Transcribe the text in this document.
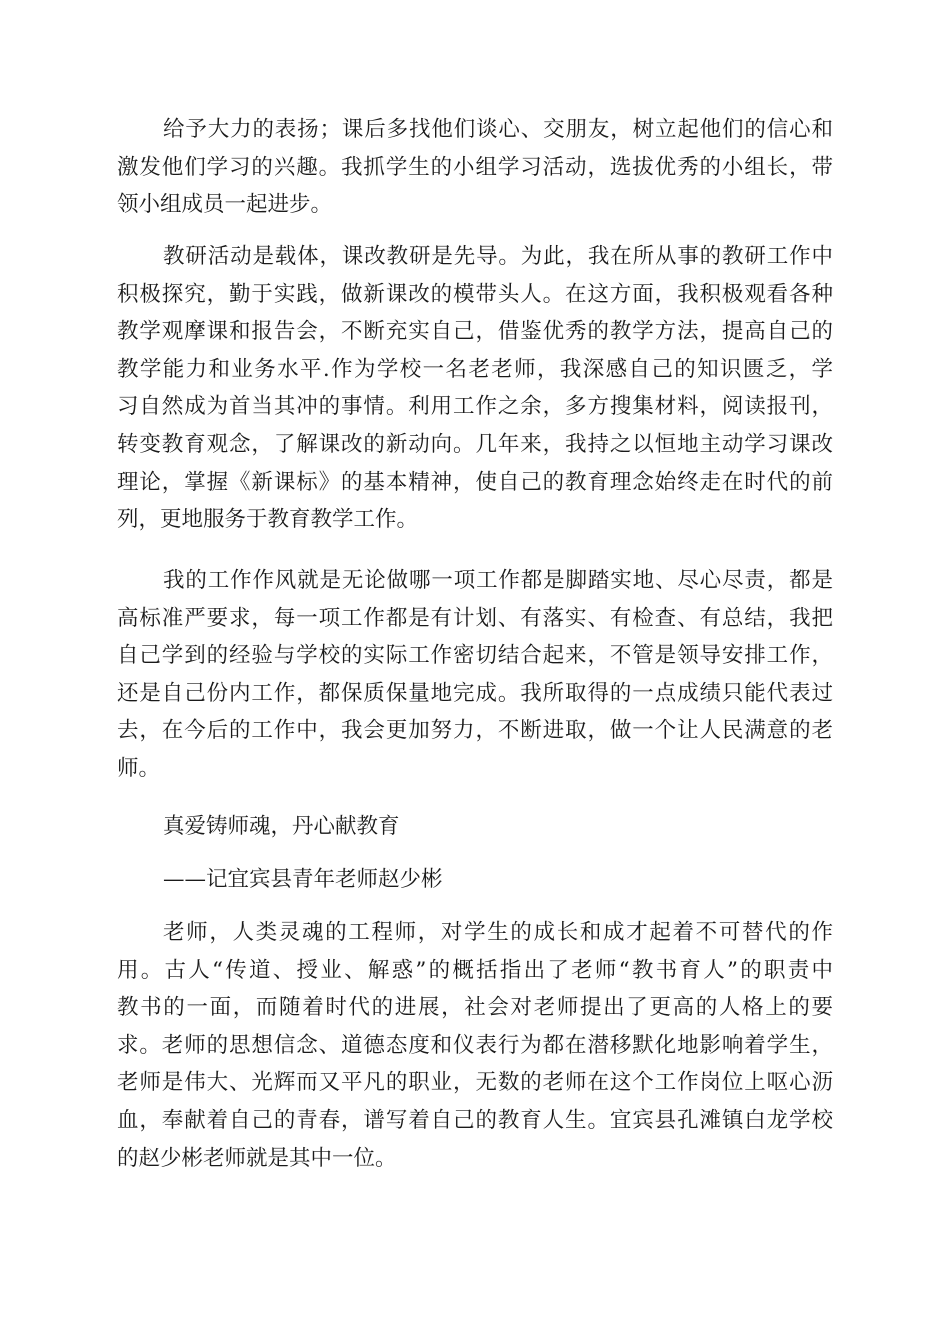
给予大力的表扬；课后多找他们谈心、交朋友，树立起他们的信心和
激发他们学习的兴趣。我抓学生的小组学习活动，选拔优秀的小组长，带
领小组成员一起进步。
教研活动是载体，课改教研是先导。为此，我在所从事的教研工作中
积极探究，勤于实践，做新课改的模带头人。在这方面，我积极观看各种
教学观摩课和报告会，不断充实自己，借鉴优秀的教学方法，提高自己的
教学能力和业务水平.作为学校一名老老师，我深感自己的知识匮乏，学
习自然成为首当其冲的事情。利用工作之余，多方搜集材料，阅读报刊，
转变教育观念，了解课改的新动向。几年来，我持之以恒地主动学习课改
理论，掌握《新课标》的基本精神，使自己的教育理念始终走在时代的前
列，更地服务于教育教学工作。
我的工作作风就是无论做哪一项工作都是脚踏实地、尽心尽责，都是
高标准严要求，每一项工作都是有计划、有落实、有检查、有总结，我把
自己学到的经验与学校的实际工作密切结合起来，不管是领导安排工作，
还是自己份内工作，都保质保量地完成。我所取得的一点成绩只能代表过
去，在今后的工作中，我会更加努力，不断进取，做一个让人民满意的老
师。
真爱铸师魂，丹心献教育
——记宜宾县青年老师赵少彬
老师，人类灵魂的工程师，对学生的成长和成才起着不可替代的作
用。古人“传道、授业、解惑”的概括指出了老师“教书育人”的职责中
教书的一面，而随着时代的进展，社会对老师提出了更高的人格上的要
求。老师的思想信念、道德态度和仪表行为都在潜移默化地影响着学生，
老师是伟大、光辉而又平凡的职业，无数的老师在这个工作岗位上呕心沥
血，奉献着自己的青春，谱写着自己的教育人生。宜宾县孔滩镇白龙学校
的赵少彬老师就是其中一位。
